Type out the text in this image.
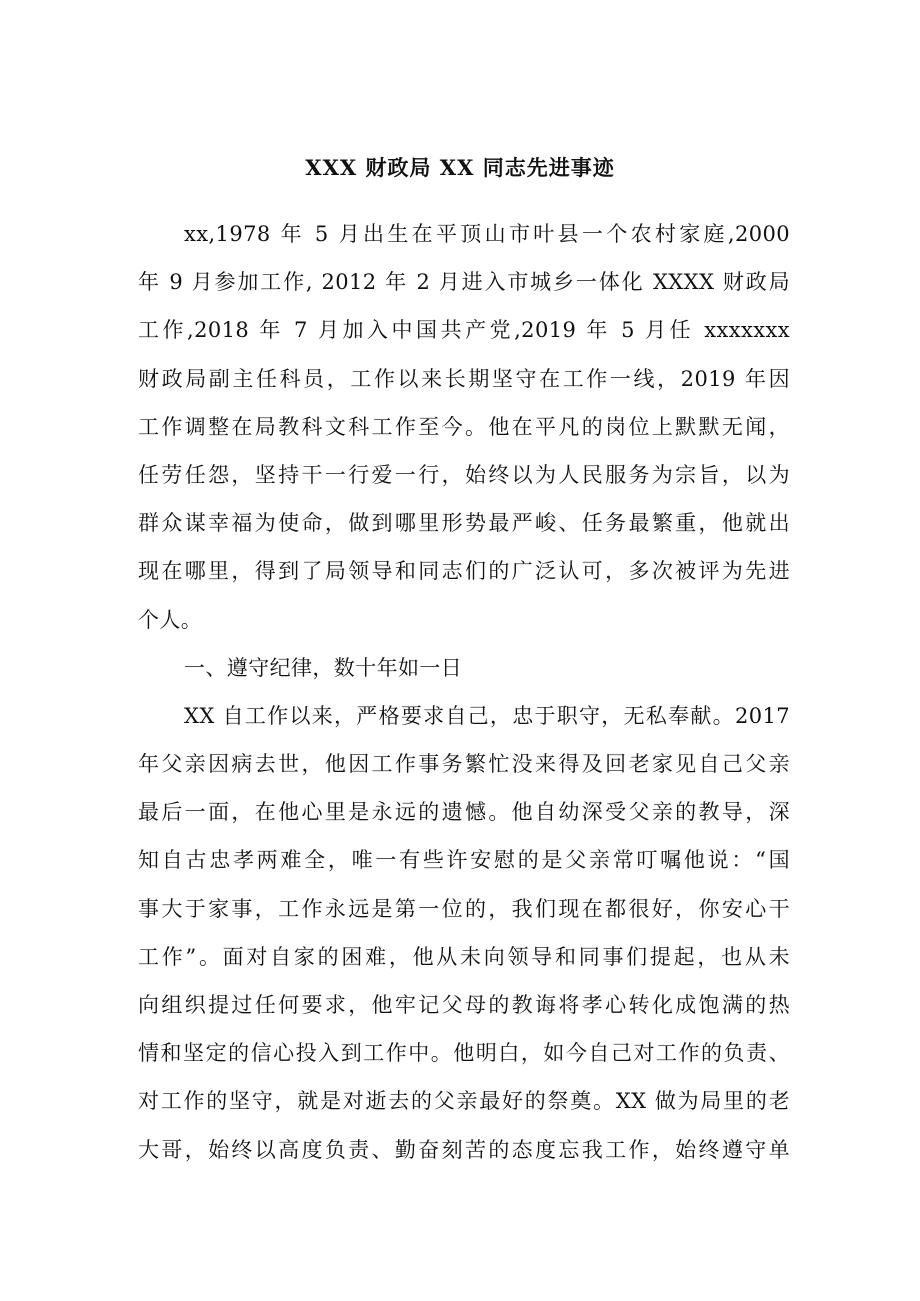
XXX 财政局 XX 同志先进事迹
xx,1978 年 5 月出生在平顶山市叶县一个农村家庭,2000
年 9 月参加工作, 2012 年 2 月进入市城乡一体化 XXXX 财政局
工作,2018 年 7 月加入中国共产党,2019 年 5 月任 xxxxxxx
财政局副主任科员，工作以来长期坚守在工作一线，2019 年因
工作调整在局教科文科工作至今。他在平凡的岗位上默默无闻，
任劳任怨，坚持干一行爱一行，始终以为人民服务为宗旨，以为
群众谋幸福为使命，做到哪里形势最严峻、任务最繁重，他就出
现在哪里，得到了局领导和同志们的广泛认可，多次被评为先进
个人。
一、遵守纪律，数十年如一日
XX 自工作以来，严格要求自己，忠于职守，无私奉献。2017
年父亲因病去世，他因工作事务繁忙没来得及回老家见自己父亲
最后一面，在他心里是永远的遗憾。他自幼深受父亲的教导，深
知自古忠孝两难全，唯一有些许安慰的是父亲常叮嘱他说：“国
事大于家事，工作永远是第一位的，我们现在都很好，你安心干
工作”。面对自家的困难，他从未向领导和同事们提起，也从未
向组织提过任何要求，他牢记父母的教诲将孝心转化成饱满的热
情和坚定的信心投入到工作中。他明白，如今自己对工作的负责、
对工作的坚守，就是对逝去的父亲最好的祭奠。XX 做为局里的老
大哥，始终以高度负责、勤奋刻苦的态度忘我工作，始终遵守单
